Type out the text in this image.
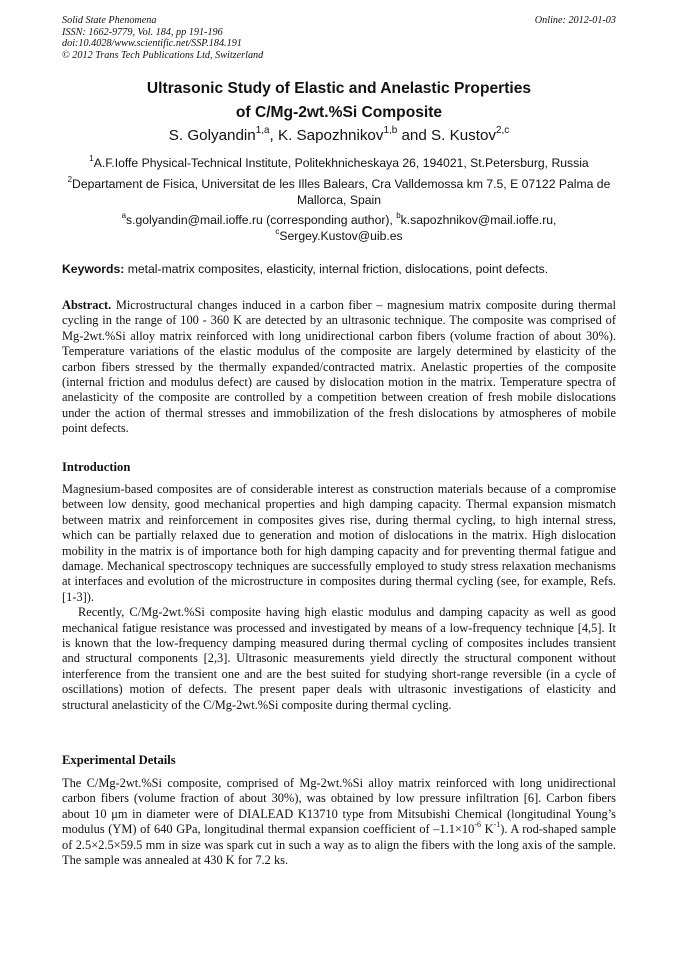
Solid State Phenomena
ISSN: 1662-9779, Vol. 184, pp 191-196
doi:10.4028/www.scientific.net/SSP.184.191
© 2012 Trans Tech Publications Ltd, Switzerland
Online: 2012-01-03
Ultrasonic Study of Elastic and Anelastic Properties
of C/Mg-2wt.%Si Composite
S. Golyandin$^{1,a}$, K. Sapozhnikov$^{1,b}$ and S. Kustov$^{2,c}$
$^1$A.F.Ioffe Physical-Technical Institute, Politekhnicheskaya 26, 194021, St.Petersburg, Russia
$^2$Departament de Fisica, Universitat de les Illes Balears, Cra Valldemossa km 7.5, E 07122 Palma de Mallorca, Spain
$^a$s.golyandin@mail.ioffe.ru (corresponding author), $^b$k.sapozhnikov@mail.ioffe.ru,
$^c$Sergey.Kustov@uib.es
Keywords: metal-matrix composites, elasticity, internal friction, dislocations, point defects.

Abstract. Microstructural changes induced in a carbon fiber – magnesium matrix composite during thermal cycling in the range of 100 - 360 K are detected by an ultrasonic technique. The composite was comprised of Mg-2wt.%Si alloy matrix reinforced with long unidirectional carbon fibers (volume fraction of about 30%). Temperature variations of the elastic modulus of the composite are largely determined by elasticity of the carbon fibers stressed by the thermally expanded/contracted matrix. Anelastic properties of the composite (internal friction and modulus defect) are caused by dislocation motion in the matrix. Temperature spectra of anelasticity of the composite are controlled by a competition between creation of fresh mobile dislocations under the action of thermal stresses and immobilization of the fresh dislocations by atmospheres of mobile point defects.

Introduction

Magnesium-based composites are of considerable interest as construction materials because of a compromise between low density, good mechanical properties and high damping capacity. Thermal expansion mismatch between matrix and reinforcement in composites gives rise, during thermal cycling, to high internal stress, which can be partially relaxed due to generation and motion of dislocations in the matrix. High dislocation mobility in the matrix is of importance both for high damping capacity and for preventing thermal fatigue and damage. Mechanical spectroscopy techniques are successfully employed to study stress relaxation mechanisms at interfaces and evolution of the microstructure in composites during thermal cycling (see, for example, Refs. [1-3]).

Recently, C/Mg-2wt.%Si composite having high elastic modulus and damping capacity as well as good mechanical fatigue resistance was processed and investigated by means of a low-frequency technique [4,5]. It is known that the low-frequency damping measured during thermal cycling of composites includes transient and structural components [2,3]. Ultrasonic measurements yield directly the structural component without interference from the transient one and are the best suited for studying short-range reversible (in a cycle of oscillations) motion of defects. The present paper deals with ultrasonic investigations of elasticity and structural anelasticity of the C/Mg-2wt.%Si composite during thermal cycling.

Experimental Details

The C/Mg-2wt.%Si composite, comprised of Mg-2wt.%Si alloy matrix reinforced with long unidirectional carbon fibers (volume fraction of about 30%), was obtained by low pressure infiltration [6]. Carbon fibers about 10 μm in diameter were of DIALEAD K13710 type from Mitsubishi Chemical (longitudinal Young’s modulus (YM) of 640 GPa, longitudinal thermal expansion coefficient of $-1.1\times 10^{-6}$ $K^{-1}$). A rod-shaped sample of 2.5×2.5×59.5 mm in size was spark cut in such a way as to align the fibers with the long axis of the sample. The sample was annealed at 430 K for 7.2 ks.
